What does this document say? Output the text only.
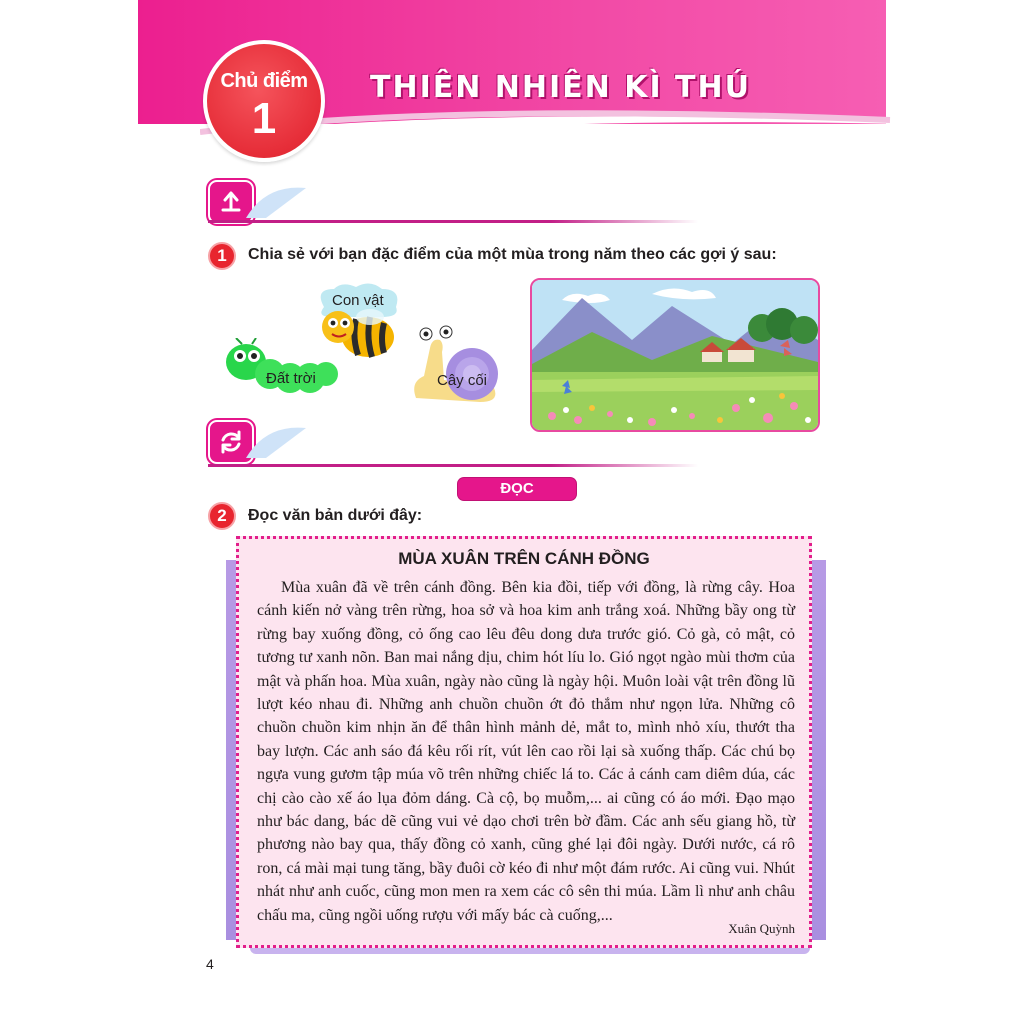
Chủ điểm
1
THIÊN NHIÊN KÌ THÚ
1	Chia sẻ với bạn đặc điểm của một mùa trong năm theo các gợi ý sau:
Con vật
Đất trời	Cây cối
ĐỌC
2	Đọc văn bản dưới đây:
MÙA XUÂN TRÊN CÁNH ĐỒNG
Mùa xuân đã về trên cánh đồng. Bên kia đồi, tiếp với đồng, là rừng cây. Hoa cánh kiến nở vàng trên rừng, hoa sở và hoa kim anh trắng xoá. Những bầy ong từ rừng bay xuống đồng, cỏ ống cao lêu đêu dong dưa trước gió. Cỏ gà, cỏ mật, cỏ tương tư xanh nõn. Ban mai nắng dịu, chim hót líu lo. Gió ngọt ngào mùi thơm của mật và phấn hoa. Mùa xuân, ngày nào cũng là ngày hội. Muôn loài vật trên đồng lũ lượt kéo nhau đi. Những anh chuồn chuồn ớt đỏ thắm như ngọn lửa. Những cô chuồn chuồn kim nhịn ăn để thân hình mảnh dẻ, mắt to, mình nhỏ xíu, thướt tha bay lượn. Các anh sáo đá kêu rối rít, vút lên cao rồi lại sà xuống thấp. Các chú bọ ngựa vung gươm tập múa võ trên những chiếc lá to. Các ả cánh cam diêm dúa, các chị cào cào xế áo lụa đỏm dáng. Cà cộ, bọ muỗm,... ai cũng có áo mới. Đạo mạo như bác dang, bác dẽ cũng vui vẻ dạo chơi trên bờ đầm. Các anh sếu giang hồ, từ phương nào bay qua, thấy đồng cỏ xanh, cũng ghé lại đôi ngày. Dưới nước, cá rô ron, cá mài mại tung tăng, bầy đuôi cờ kéo đi như một đám rước. Ai cũng vui. Nhút nhát như anh cuốc, cũng mon men ra xem các cô sên thi múa. Lầm lì như anh châu chấu ma, cũng ngồi uống rượu với mấy bác cà cuống,...
Xuân Quỳnh
4
